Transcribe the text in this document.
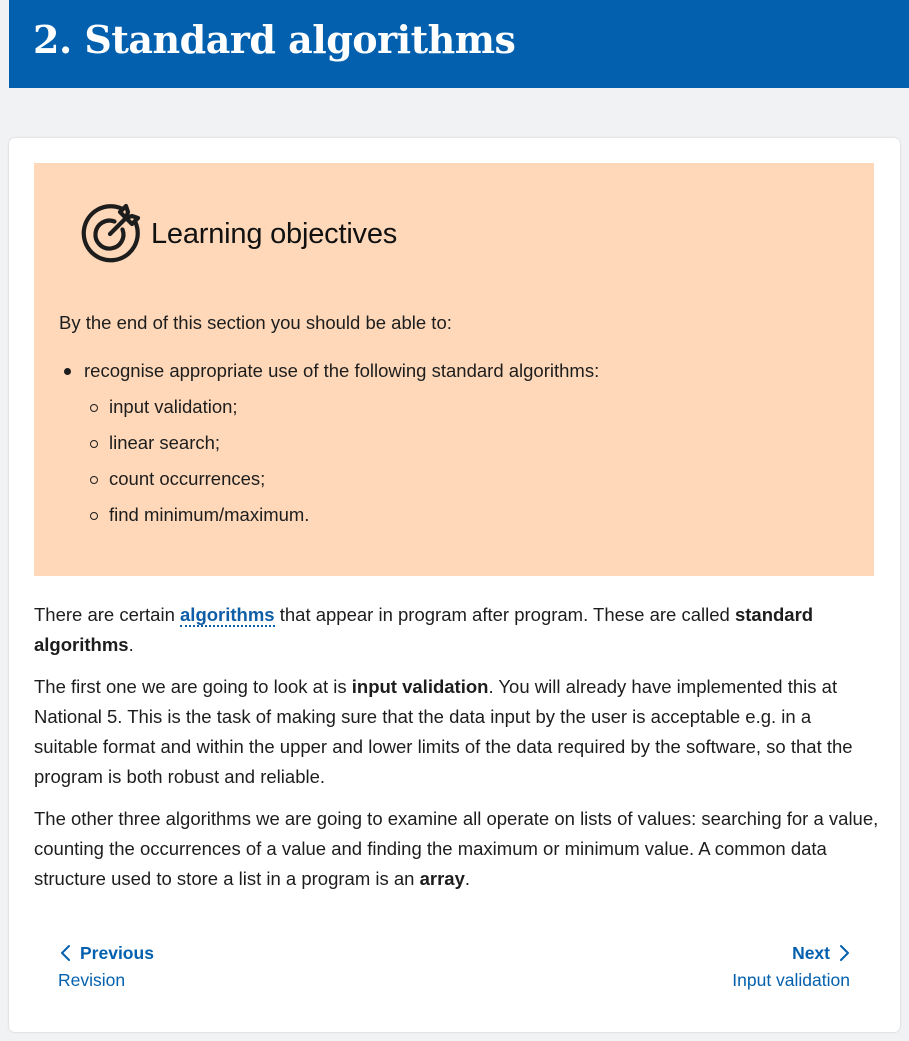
2. Standard algorithms
Learning objectives

By the end of this section you should be able to:

recognise appropriate use of the following standard algorithms:
input validation;
linear search;
count occurrences;
find minimum/maximum.

There are certain algorithms that appear in program after program. These are called standard algorithms.

The first one we are going to look at is input validation. You will already have implemented this at National 5. This is the task of making sure that the data input by the user is acceptable e.g. in a suitable format and within the upper and lower limits of the data required by the software, so that the program is both robust and reliable.

The other three algorithms we are going to examine all operate on lists of values: searching for a value, counting the occurrences of a value and finding the maximum or minimum value. A common data structure used to store a list in a program is an array.

Previous
Revision
Next
Input validation
